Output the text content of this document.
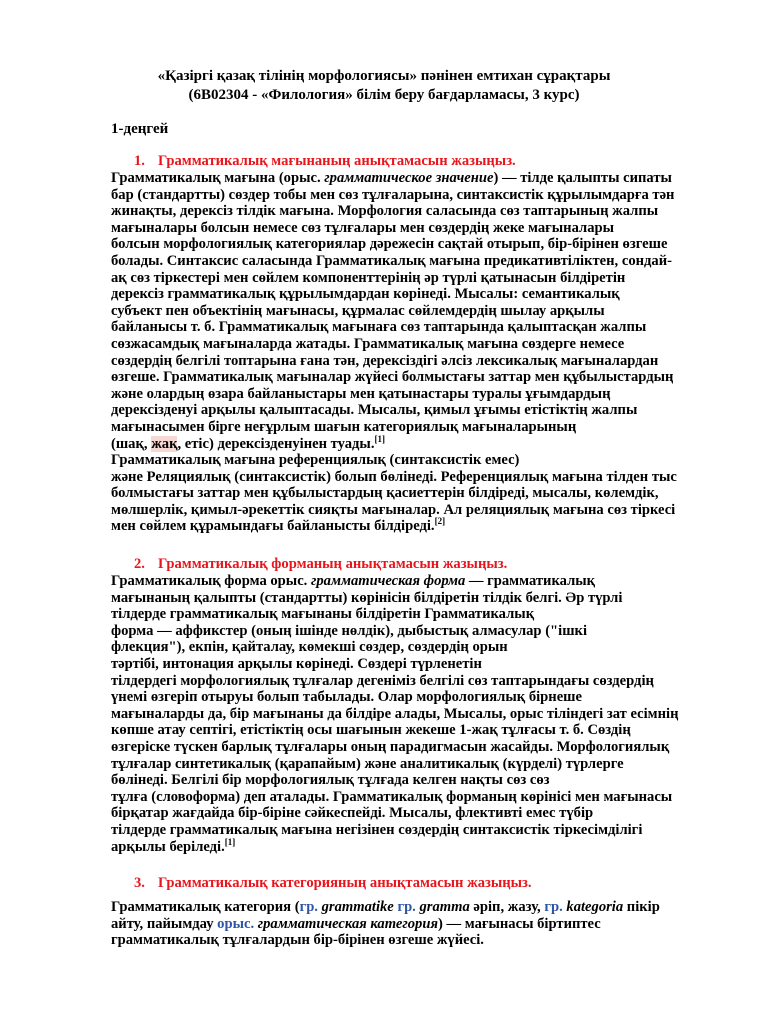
«Қазіргі қазақ тілінің морфологиясы» пәнінен емтихан сұрақтары
(6В02304 - «Филология» білім беру бағдарламасы, 3 курс)
1-деңгей
1. Грамматикалық мағынаның анықтамасын жазыңыз.
Грамматикалық мағына (орыс. грамматическое значение) — тілде қалыпты сипаты
бар (стандартты) сөздер тобы мен сөз тұлғаларына, синтаксистік құрылымдарға тән
жинақты, дерексіз тілдік мағына. Морфология саласында сөз таптарының жалпы
мағыналары болсын немесе сөз тұлғалары мен сөздердің жеке мағыналары
болсын морфологиялық категориялар дәрежесін сақтай отырып, бір-бірінен өзгеше
болады. Синтаксис саласында Грамматикалық мағына предикативтіліктен, сондай-
ақ сөз тіркестері мен сөйлем компоненттерінің әр түрлі қатынасын білдіретін
дерексіз грамматикалық құрылымдардан көрінеді. Мысалы: семантикалық
субъект пен объектінің мағынасы, құрмалас сөйлемдердің шылау арқылы
байланысы т. б. Грамматикалық мағынаға сөз таптарында қалыптасқан жалпы
сөзжасамдық мағыналарда жатады. Грамматикалық мағына сөздерге немесе
сөздердің белгілі топтарына ғана тән, дерексіздігі әлсіз лексикалық мағыналардан
өзгеше. Грамматикалық мағыналар жүйесі болмыстағы заттар мен құбылыстардың
және олардың өзара байланыстары мен қатынастары туралы ұғымдардың
дерексізденуі арқылы қалыптасады. Мысалы, қимыл ұғымы етістіктің жалпы
мағынасымен бірге неғұрлым шағын категориялық мағыналарының
(шақ, жақ, етіс) дерексізденуінен туады.[1]
Грамматикалық мағына референциялық (синтаксистік емес)
және Реляциялық (синтаксистік) болып бөлінеді. Референциялық мағына тілден тыс
болмыстағы заттар мен құбылыстардың қасиеттерін білдіреді, мысалы, көлемдік,
мөлшерлік, қимыл-әрекеттік сияқты мағыналар. Ал реляциялық мағына сөз тіркесі
мен сөйлем құрамындағы байланысты білдіреді.[2]
2. Грамматикалық форманың анықтамасын жазыңыз.
Грамматикалық форма орыс. грамматическая форма — грамматикалық
мағынаның қалыпты (стандартты) көрінісін білдіретін тілдік белгі. Әр түрлі
тілдерде грамматикалық мағынаны білдіретін Грамматикалық
форма — аффикстер (оның ішінде нөлдік), дыбыстық алмасулар ("ішкі
флекция"), екпін, қайталау, көмекші сөздер, сөздердің орын
тәртібі, интонация арқылы көрінеді. Сөздері түрленетін
тілдердегі морфологиялық тұлғалар дегеніміз белгілі сөз таптарындағы сөздердің
үнемі өзгеріп отыруы болып табылады. Олар морфологиялық бірнеше
мағыналарды да, бір мағынаны да білдіре алады, Мысалы, орыс тіліндегі зат есімнің
көпше атау септігі, етістіктің осы шағынын жекеше 1-жақ тұлғасы т. б. Сөздің
өзгеріске түскен барлық тұлғалары оның парадигмасын жасайды. Морфологиялық
тұлғалар синтетикалық (қарапайым) және аналитикалық (күрделі) түрлерге
бөлінеді. Белгілі бір морфологиялық тұлғада келген нақты сөз сөз
тұлға (словоформа) деп аталады. Грамматикалық форманың көрінісі мен мағынасы
бірқатар жағдайда бір-біріне сәйкеспейді. Мысалы, флективті емес түбір
тілдерде грамматикалық мағына негізінен сөздердің синтаксистік тіркесімділігі
арқылы беріледі.[1]
3. Грамматикалық категорияның анықтамасын жазыңыз.
Грамматикалық категория (гр. grammatike гр. gramma әріп, жазу, гр. kategoria пікір
айту, пайымдау орыс. грамматическая категория) — мағынасы біртиптес
грамматикалық тұлғалардын бір-бірінен өзгеше жүйесі.
